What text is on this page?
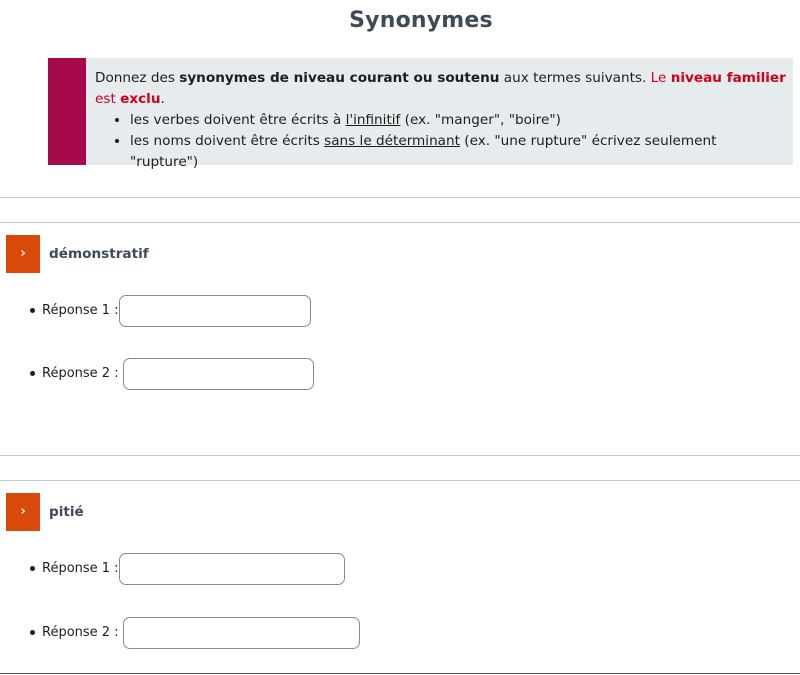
Synonymes
Donnez des synonymes de niveau courant ou soutenu aux termes suivants. Le niveau familier est exclu.
• les verbes doivent être écrits à l'infinitif (ex. "manger", "boire")
• les noms doivent être écrits sans le déterminant (ex. "une rupture" écrivez seulement "rupture")
›	démonstratif
Réponse 1 :
Réponse 2 :
›	pitié
Réponse 1 :
Réponse 2 :
